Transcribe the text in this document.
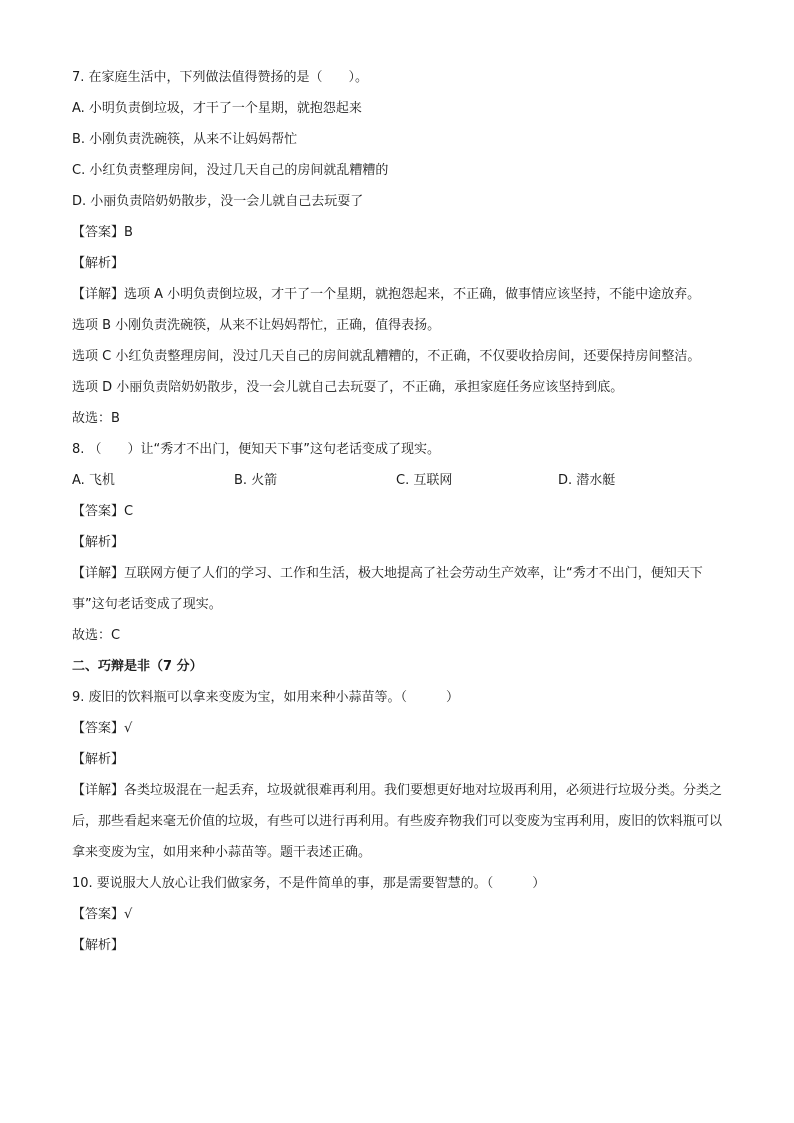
7. 在家庭生活中，下列做法值得赞扬的是（　　）。
A. 小明负责倒垃圾，才干了一个星期，就抱怨起来
B. 小刚负责洗碗筷，从来不让妈妈帮忙
C. 小红负责整理房间，没过几天自己的房间就乱糟糟的
D. 小丽负责陪奶奶散步，没一会儿就自己去玩耍了
【答案】B
【解析】
【详解】选项 A 小明负责倒垃圾，才干了一个星期，就抱怨起来，不正确，做事情应该坚持，不能中途放弃。
选项 B 小刚负责洗碗筷，从来不让妈妈帮忙，正确，值得表扬。
选项 C 小红负责整理房间，没过几天自己的房间就乱糟糟的，不正确，不仅要收拾房间，还要保持房间整洁。
选项 D 小丽负责陪奶奶散步，没一会儿就自己去玩耍了，不正确，承担家庭任务应该坚持到底。
故选：B
8. （　　）让“秀才不出门，便知天下事”这句老话变成了现实。
A. 飞机	B. 火箭	C. 互联网	D. 潜水艇
【答案】C
【解析】
【详解】互联网方便了人们的学习、工作和生活，极大地提高了社会劳动生产效率，让“秀才不出门，便知天下事”这句老话变成了现实。
故选：C
二、巧辩是非（7 分）
9. 废旧的饮料瓶可以拿来变废为宝，如用来种小蒜苗等。（　　　）
【答案】√
【解析】
【详解】各类垃圾混在一起丢弃，垃圾就很难再利用。我们要想更好地对垃圾再利用，必须进行垃圾分类。分类之后，那些看起来毫无价值的垃圾，有些可以进行再利用。有些废弃物我们可以变废为宝再利用，废旧的饮料瓶可以拿来变废为宝，如用来种小蒜苗等。题干表述正确。
10. 要说服大人放心让我们做家务，不是件简单的事，那是需要智慧的。（　　　）
【答案】√
【解析】
